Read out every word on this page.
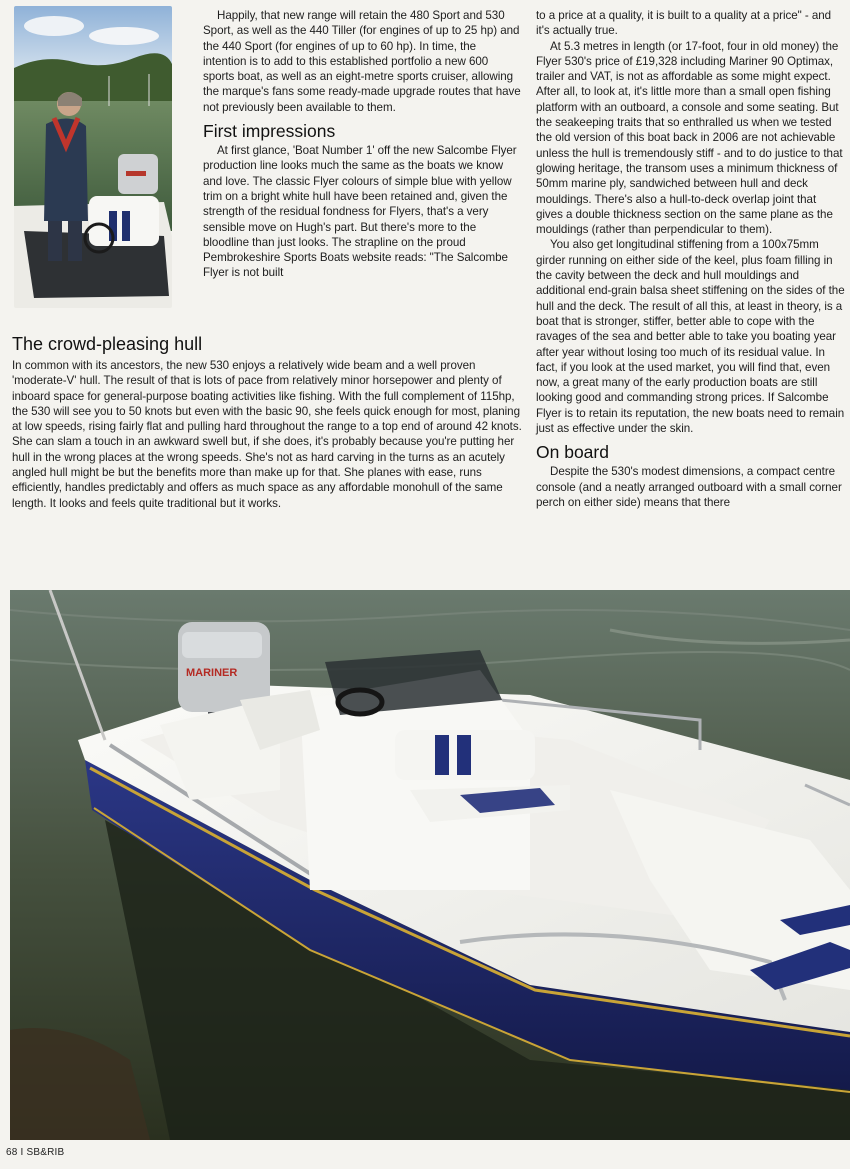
Happily, that new range will retain the 480 Sport and 530 Sport, as well as the 440 Tiller (for engines of up to 25 hp) and the 440 Sport (for engines of up to 60 hp). In time, the intention is to add to this established portfolio a new 600 sports boat, as well as an eight-metre sports cruiser, allowing the marque's fans some ready-made upgrade routes that have not previously been available to them.

First impressions

At first glance, 'Boat Number 1' off the new Salcombe Flyer production line looks much the same as the boats we know and love. The classic Flyer colours of simple blue with yellow trim on a bright white hull have been retained and, given the strength of the residual fondness for Flyers, that's a very sensible move on Hugh's part. But there's more to the bloodline than just looks. The strapline on the proud Pembrokeshire Sports Boats website reads: "The Salcombe Flyer is not built

The crowd-pleasing hull

In common with its ancestors, the new 530 enjoys a relatively wide beam and a well proven 'moderate-V' hull. The result of that is lots of pace from relatively minor horsepower and plenty of inboard space for general-purpose boating activities like fishing. With the full complement of 115hp, the 530 will see you to 50 knots but even with the basic 90, she feels quick enough for most, planing at low speeds, rising fairly flat and pulling hard throughout the range to a top end of around 42 knots. She can slam a touch in an awkward swell but, if she does, it's probably because you're putting her hull in the wrong places at the wrong speeds. She's not as hard carving in the turns as an acutely angled hull might be but the benefits more than make up for that. She planes with ease, runs efficiently, handles predictably and offers as much space as any affordable monohull of the same length. It looks and feels quite traditional but it works.

to a price at a quality, it is built to a quality at a price" - and it's actually true.

At 5.3 metres in length (or 17-foot, four in old money) the Flyer 530's price of £19,328 including Mariner 90 Optimax, trailer and VAT, is not as affordable as some might expect. After all, to look at, it's little more than a small open fishing platform with an outboard, a console and some seating. But the seakeeping traits that so enthralled us when we tested the old version of this boat back in 2006 are not achievable unless the hull is tremendously stiff - and to do justice to that glowing heritage, the transom uses a minimum thickness of 50mm marine ply, sandwiched between hull and deck mouldings. There's also a hull-to-deck overlap joint that gives a double thickness section on the same plane as the mouldings (rather than perpendicular to them).

You also get longitudinal stiffening from a 100x75mm girder running on either side of the keel, plus foam filling in the cavity between the deck and hull mouldings and additional end-grain balsa sheet stiffening on the sides of the hull and the deck. The result of all this, at least in theory, is a boat that is stronger, stiffer, better able to cope with the ravages of the sea and better able to take you boating year after year without losing too much of its residual value. In fact, if you look at the used market, you will find that, even now, a great many of the early production boats are still looking good and commanding strong prices. If Salcombe Flyer is to retain its reputation, the new boats need to remain just as effective under the skin.

On board

Despite the 530's modest dimensions, a compact centre console (and a neatly arranged outboard with a small corner perch on either side) means that there

MARINER
68 I SB&RIB
